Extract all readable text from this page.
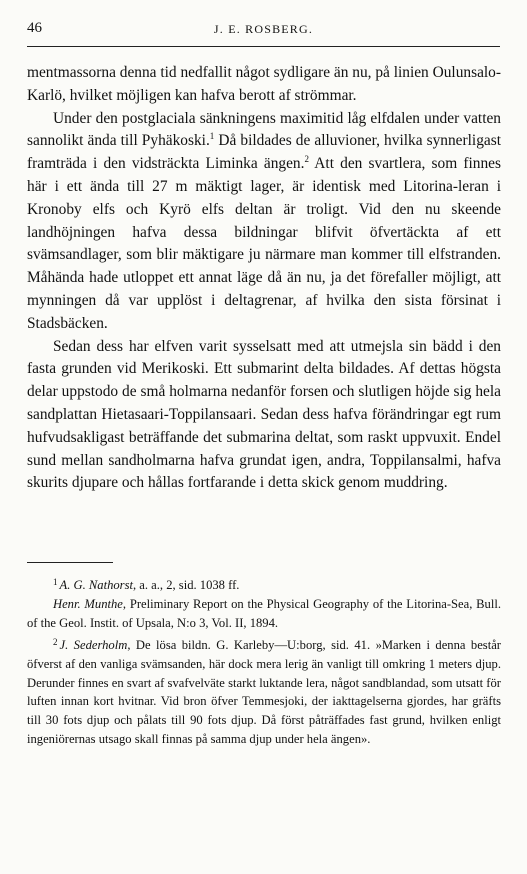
46	J. E. ROSBERG.

mentmassorna denna tid nedfallit något sydligare än nu, på linien Oulunsalo-Karlö, hvilket möjligen kan hafva berott af strömmar.

Under den postglaciala sänkningens maximitid låg elfdalen under vatten sannolikt ända till Pyhäkoski.$^1$ Då bildades de alluvioner, hvilka synnerligast framträda i den vidsträckta Liminka ängen.$^2$ Att den svartlera, som finnes här i ett ända till 27 m mäktigt lager, är identisk med Litorina-leran i Kronoby elfs och Kyrö elfs deltan är troligt. Vid den nu skeende landhöjningen hafva dessa bildningar blifvit öfvertäckta af ett svämsandlager, som blir mäktigare ju närmare man kommer till elfstranden. Måhända hade utloppet ett annat läge då än nu, ja det förefaller möjligt, att mynningen då var upplöst i deltagrenar, af hvilka den sista försinat i Stadsbäcken.

Sedan dess har elfven varit sysselsatt med att utmejsla sin bädd i den fasta grunden vid Merikoski. Ett submarint delta bildades. Af dettas högsta delar uppstodo de små holmarna nedanför forsen och slutligen höjde sig hela sandplattan Hietasaari-Toppilansaari. Sedan dess hafva förändringar egt rum hufvudsakligast beträffande det submarina deltat, som raskt uppvuxit. Endel sund mellan sandholmarna hafva grundat igen, andra, Toppilansalmi, hafva skurits djupare och hållas fortfarande i detta skick genom muddring.

$^1$ A. G. Nathorst, a. a., 2, sid. 1038 ff.

Henr. Munthe, Preliminary Report on the Physical Geography of the Litorina-Sea, Bull. of the Geol. Instit. of Upsala, N:o 3, Vol. II, 1894.

$^2$ J. Sederholm, De lösa bildn. G. Karleby—U:borg, sid. 41. »Marken i denna består öfverst af den vanliga svämsanden, här dock mera lerig än vanligt till omkring 1 meters djup. Derunder finnes en svart af svafvelväte starkt luktande lera, något sandblandad, som utsatt för luften innan kort hvitnar. Vid bron öfver Temmesjoki, der iakttagelserna gjordes, har gräfts till 30 fots djup och pålats till 90 fots djup. Då först påträffades fast grund, hvilken enligt ingeniörernas utsago skall finnas på samma djup under hela ängen».
